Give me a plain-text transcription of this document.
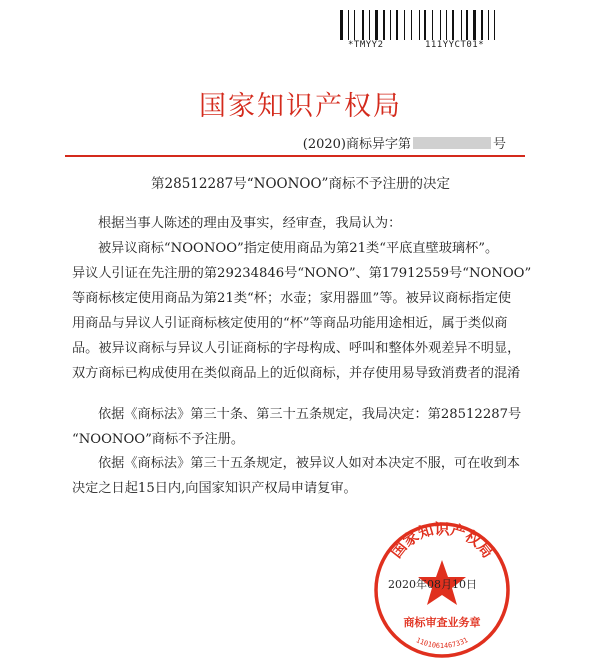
*TMYY2       111YYCT01*
国家知识产权局
(2020)商标异字第	号
第28512287号“NOONOO”商标不予注册的决定
根据当事人陈述的理由及事实，经审查，我局认为：
被异议商标“NOONOO”指定使用商品为第21类“平底直壁玻璃杯”。
异议人引证在先注册的第29234846号“NONO”、第17912559号“NONOO”
等商标核定使用商品为第21类“杯；水壶；家用器皿”等。被异议商标指定使
用商品与异议人引证商标核定使用的“杯”等商品功能用途相近，属于类似商
品。被异议商标与异议人引证商标的字母构成、呼叫和整体外观差异不明显，
双方商标已构成使用在类似商品上的近似商标，并存使用易导致消费者的混淆
依据《商标法》第三十条、第三十五条规定，我局决定：第28512287号
“NOONOO”商标不予注册。
依据《商标法》第三十五条规定，被异议人如对本决定不服，可在收到本
决定之日起15日内,向国家知识产权局申请复审。
国家知识产权局
商标审查业务章
1101061467331
2020年08月10日
